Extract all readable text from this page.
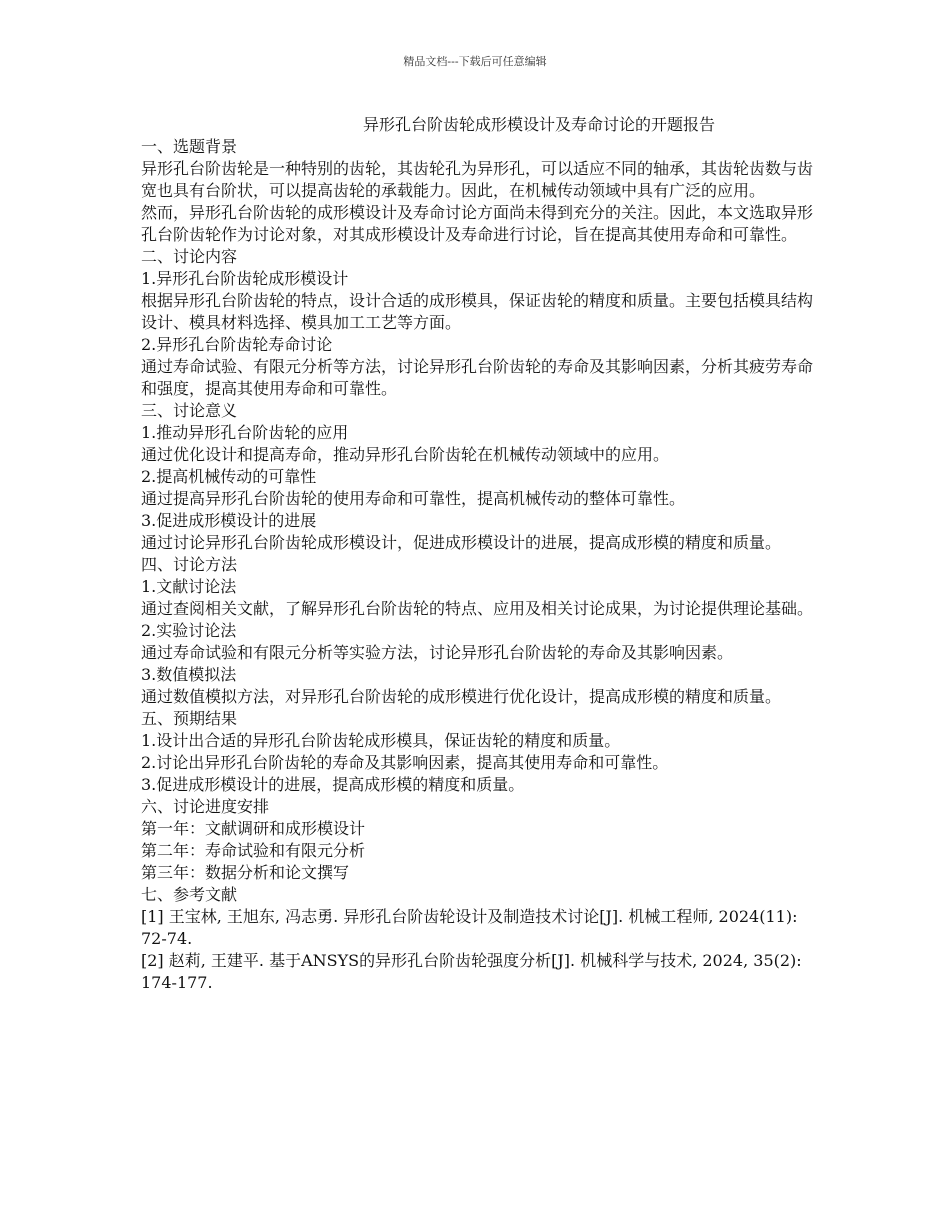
精品文档---下载后可任意编辑

异形孔台阶齿轮成形模设计及寿命讨论的开题报告

一、选题背景

异形孔台阶齿轮是一种特别的齿轮，其齿轮孔为异形孔，可以适应不同的轴承，其齿轮齿数与齿宽也具有台阶状，可以提高齿轮的承载能力。因此，在机械传动领域中具有广泛的应用。

然而，异形孔台阶齿轮的成形模设计及寿命讨论方面尚未得到充分的关注。因此，本文选取异形孔台阶齿轮作为讨论对象，对其成形模设计及寿命进行讨论，旨在提高其使用寿命和可靠性。

二、讨论内容

1.异形孔台阶齿轮成形模设计

根据异形孔台阶齿轮的特点，设计合适的成形模具，保证齿轮的精度和质量。主要包括模具结构设计、模具材料选择、模具加工工艺等方面。

2.异形孔台阶齿轮寿命讨论

通过寿命试验、有限元分析等方法，讨论异形孔台阶齿轮的寿命及其影响因素，分析其疲劳寿命和强度，提高其使用寿命和可靠性。

三、讨论意义

1.推动异形孔台阶齿轮的应用

通过优化设计和提高寿命，推动异形孔台阶齿轮在机械传动领域中的应用。

2.提高机械传动的可靠性

通过提高异形孔台阶齿轮的使用寿命和可靠性，提高机械传动的整体可靠性。

3.促进成形模设计的进展

通过讨论异形孔台阶齿轮成形模设计，促进成形模设计的进展，提高成形模的精度和质量。

四、讨论方法

1.文献讨论法

通过查阅相关文献，了解异形孔台阶齿轮的特点、应用及相关讨论成果，为讨论提供理论基础。

2.实验讨论法

通过寿命试验和有限元分析等实验方法，讨论异形孔台阶齿轮的寿命及其影响因素。

3.数值模拟法

通过数值模拟方法，对异形孔台阶齿轮的成形模进行优化设计，提高成形模的精度和质量。

五、预期结果

1.设计出合适的异形孔台阶齿轮成形模具，保证齿轮的精度和质量。

2.讨论出异形孔台阶齿轮的寿命及其影响因素，提高其使用寿命和可靠性。

3.促进成形模设计的进展，提高成形模的精度和质量。

六、讨论进度安排

第一年：文献调研和成形模设计

第二年：寿命试验和有限元分析

第三年：数据分析和论文撰写

七、参考文献

[1] 王宝林, 王旭东, 冯志勇. 异形孔台阶齿轮设计及制造技术讨论[J]. 机械工程师, 2024(11): 72-74.

[2] 赵莉, 王建平. 基于ANSYS的异形孔台阶齿轮强度分析[J]. 机械科学与技术, 2024, 35(2): 174-177.
